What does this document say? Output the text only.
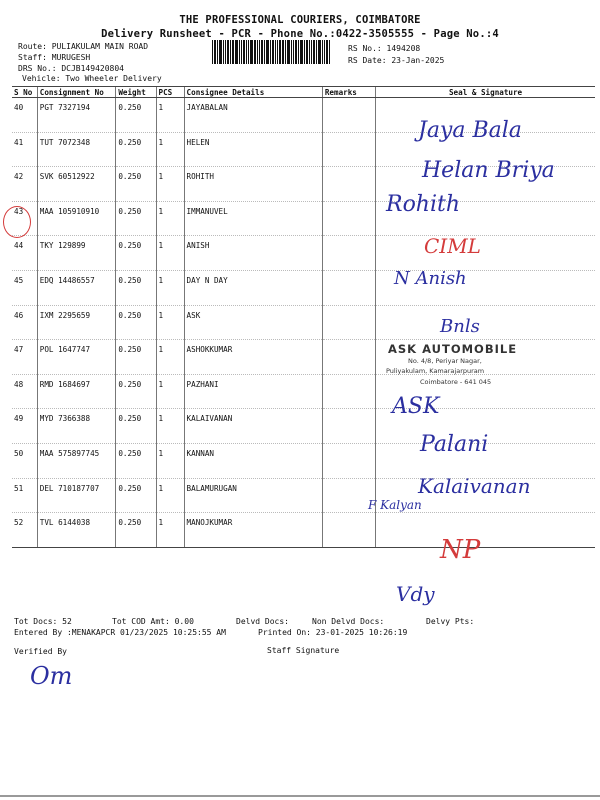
THE PROFESSIONAL COURIERS, COIMBATORE
Delivery Runsheet - PCR - Phone No.:0422-3505555 - Page No.:4
Route: PULIAKULAM MAIN ROAD
Staff: MURUGESH
DRS No.: DCJB149420804
Vehicle: Two Wheeler Delivery
RS No.: 1494208
RS Date: 23-Jan-2025
S No	Consignment No	Weight	PCS	Consignee Details	Remarks	Seal & Signature
40	PGT 7327194	0.250	1	JAYABALAN		
41	TUT 7072348	0.250	1	HELEN		
42	SVK 60512922	0.250	1	ROHITH		
43	MAA 105910910	0.250	1	IMMANUVEL		
44	TKY 129899	0.250	1	ANISH		
45	EDQ 14486557	0.250	1	DAY N DAY		
46	IXM 2295659	0.250	1	ASK		
47	POL 1647747	0.250	1	ASHOKKUMAR		
48	RMD 1684697	0.250	1	PAZHANI		
49	MYD 7366388	0.250	1	KALAIVANAN		
50	MAA 575897745	0.250	1	KANNAN		
51	DEL 710187707	0.250	1	BALAMURUGAN		
52	TVL 6144038	0.250	1	MANOJKUMAR		
Jaya Bala
Helan Briya
Rohith
CIML
N Anish
Bnls
ASK
Palani
Kalaivanan
F Kalyan
NP
Vdy
ASK AUTOMOBILE
No. 4/8, Periyar Nagar,
Puliyakulam, Kamarajarpuram
Coimbatore - 641 045
Tot Docs: 52	Tot COD Amt: 0.00	Delvd Docs:	Non Delvd Docs:	Delvy Pts:
Entered By :MENAKAPCR 01/23/2025 10:25:55 AM	Printed On: 23-01-2025 10:26:19
Verified By	Staff Signature
Om
